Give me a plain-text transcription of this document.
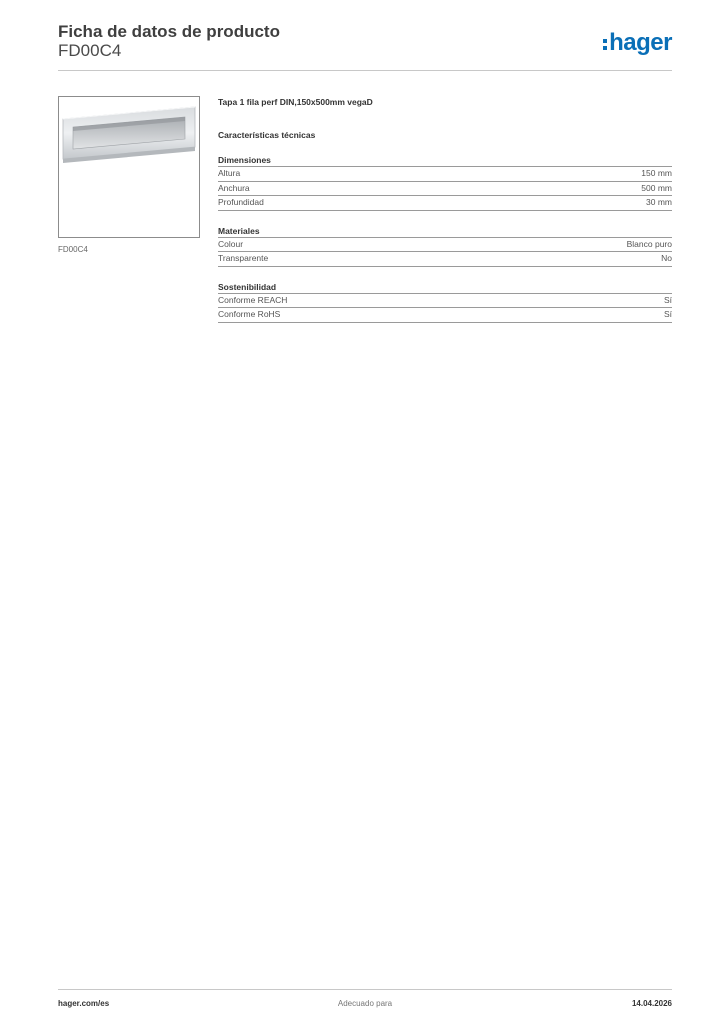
Ficha de datos de producto
FD00C4	hager
FD00C4
Tapa 1 fila perf DIN,150x500mm vegaD
Características técnicas
Dimensiones
Altura	150 mm
Anchura	500 mm
Profundidad	30 mm
Materiales
Colour	Blanco puro
Transparente	No
Sostenibilidad
Conforme REACH	Sí
Conforme RoHS	Sí
hager.com/es	Adecuado para	14.04.2026
